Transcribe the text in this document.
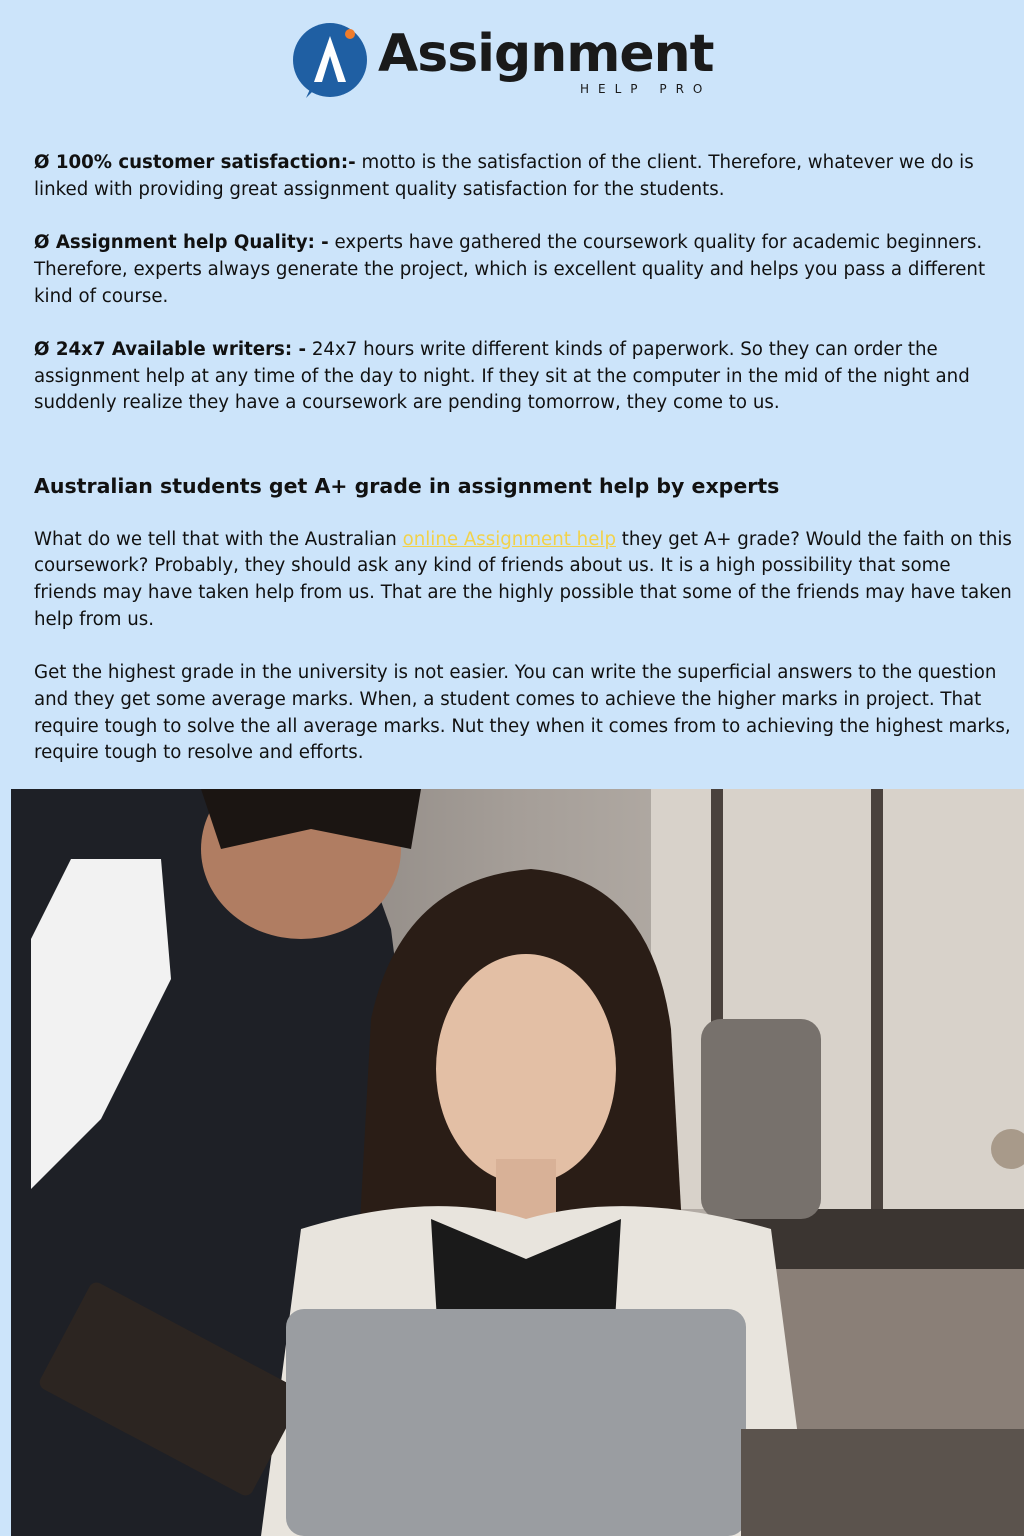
Assignment
HELP PRO

Ø 100% customer satisfaction:- motto is the satisfaction of the client. Therefore, whatever we do is linked with providing great assignment quality satisfaction for the students.

Ø Assignment help Quality: - experts have gathered the coursework quality for academic beginners. Therefore, experts always generate the project, which is excellent quality and helps you pass a different kind of course.

Ø 24x7 Available writers: - 24x7 hours write different kinds of paperwork. So they can order the assignment help at any time of the day to night. If they sit at the computer in the mid of the night and suddenly realize they have a coursework are pending tomorrow, they come to us.

Australian students get A+ grade in assignment help by experts

What do we tell that with the Australian online Assignment help they get A+ grade? Would the faith on this coursework? Probably, they should ask any kind of friends about us. It is a high possibility that some friends may have taken help from us. That are the highly possible that some of the friends may have taken help from us.

Get the highest grade in the university is not easier. You can write the superficial answers to the question and they get some average marks. When, a student comes to achieve the higher marks in project. That require tough to solve the all average marks. Nut they when it comes from to achieving the highest marks, require tough to resolve and efforts.
